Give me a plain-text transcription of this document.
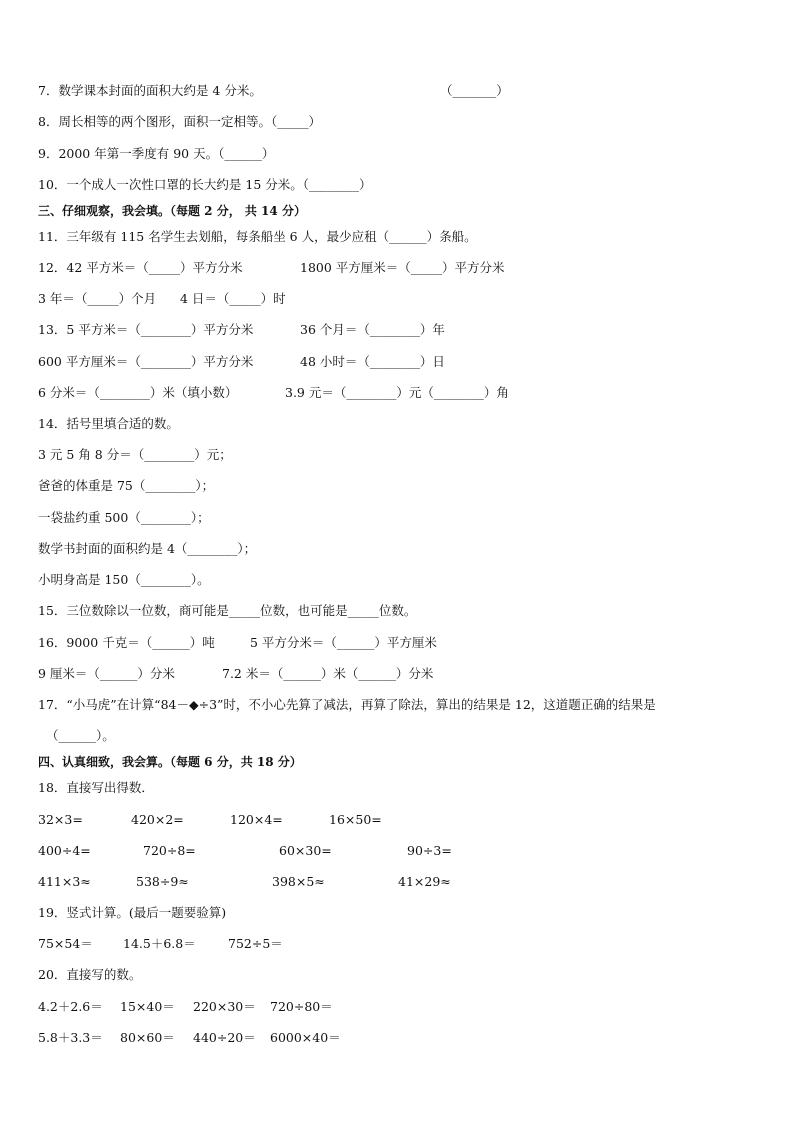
7．数学课本封面的面积大约是 4 分米。	（_______）
8．周长相等的两个图形，面积一定相等。（_____）
9．2000 年第一季度有 90 天。（______）
10．一个成人一次性口罩的长大约是 15 分米。（________）
三、仔细观察，我会填。（每题 2 分， 共 14 分）
11．三年级有 115 名学生去划船，每条船坐 6 人，最少应租（______）条船。
12．42 平方米＝（_____）平方分米	1800 平方厘米＝（_____）平方分米
3 年＝（_____）个月 4 日＝（_____）时
13．5 平方米＝（________）平方分米	36 个月＝（________）年
600 平方厘米＝（________）平方分米	48 小时＝（________）日
6 分米＝（________）米（填小数）	3.9 元＝（________）元（________）角
14．括号里填合适的数。
3 元 5 角 8 分＝（________）元；
爸爸的体重是 75（________）；
一袋盐约重 500（________）；
数学书封面的面积约是 4（________）；
小明身高是 150（________）。
15．三位数除以一位数，商可能是_____位数，也可能是_____位数。
16．9000 千克＝（______）吨	5 平方分米＝（______）平方厘米
9 厘米＝（______）分米	7.2 米＝（______）米（______）分米
17．“小马虎”在计算“84－◆÷3”时，不小心先算了减法，再算了除法，算出的结果是 12，这道题正确的结果是
（______）。
四、认真细致，我会算。（每题 6 分，共 18 分）
18．直接写出得数．
32×3=	420×2=	120×4=	16×50=
400÷4=	720÷8=	60×30=	90÷3=
411×3≈	538÷9≈	398×5≈	41×29≈
19．竖式计算。(最后一题要验算)
75×54＝ 14.5＋6.8＝	752÷5＝
20．直接写的数。
4.2＋2.6＝ 15×40＝ 220×30＝ 720÷80＝
5.8＋3.3＝ 80×60＝ 440÷20＝ 6000×40＝
